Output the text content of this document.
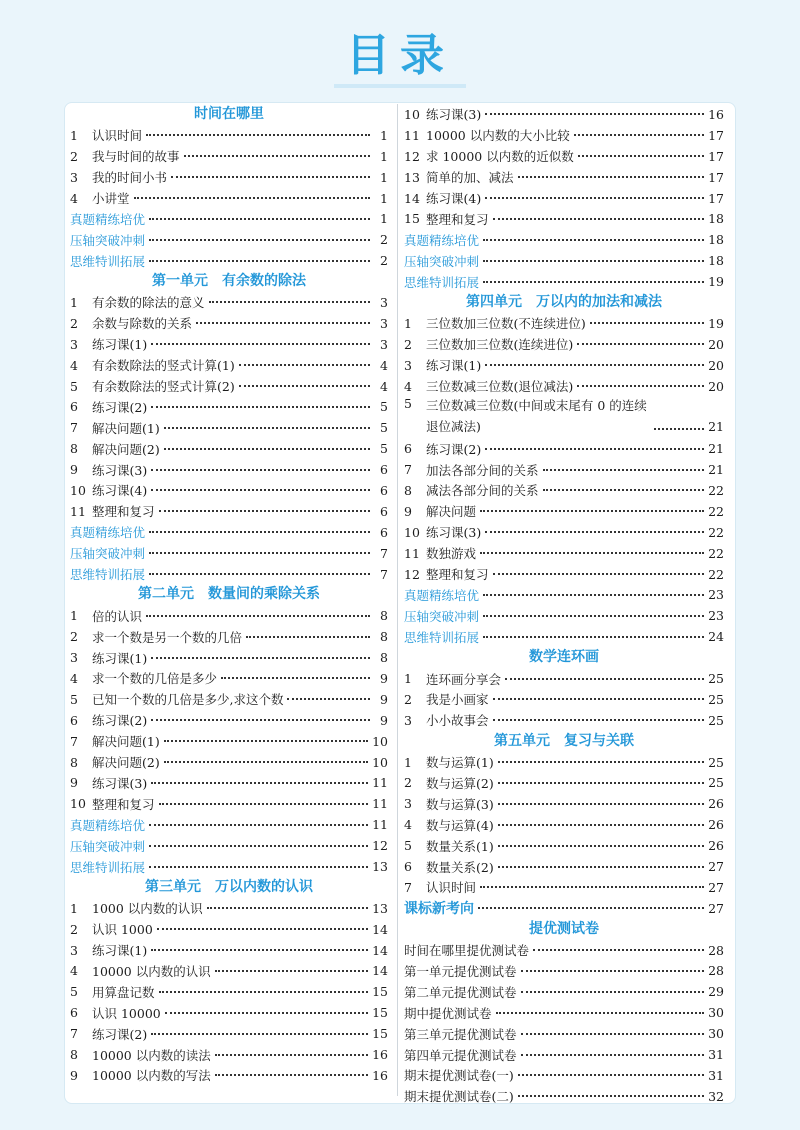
目录
时间在哪里
1	认识时间	1
2	我与时间的故事	1
3	我的时间小书	1
4	小讲堂	1
真题精练培优	1
压轴突破冲刺	2
思维特训拓展	2
第一单元　有余数的除法
1	有余数的除法的意义	3
2	余数与除数的关系	3
3	练习课(1)	3
4	有余数除法的竖式计算(1)	4
5	有余数除法的竖式计算(2)	4
6	练习课(2)	5
7	解决问题(1)	5
8	解决问题(2)	5
9	练习课(3)	6
10 练习课(4)	6
11 整理和复习	6
真题精练培优	6
压轴突破冲刺	7
思维特训拓展	7
第二单元　数量间的乘除关系
1	倍的认识	8
2	求一个数是另一个数的几倍	8
3	练习课(1)	8
4	求一个数的几倍是多少	9
5	已知一个数的几倍是多少,求这个数	9
6	练习课(2)	9
7	解决问题(1)	10
8	解决问题(2)	10
9	练习课(3)	11
10 整理和复习	11
真题精练培优	11
压轴突破冲刺	12
思维特训拓展	13
第三单元　万以内数的认识
1	1000 以内数的认识	13
2	认识 1000	14
3	练习课(1)	14
4	10000 以内数的认识	14
5	用算盘记数	15
6	认识 10000	15
7	练习课(2)	15
8	10000 以内数的读法	16
9	10000 以内数的写法	16
10 练习课(3)	16
11 10000 以内数的大小比较	17
12 求 10000 以内数的近似数	17
13 简单的加、减法	17
14 练习课(4)	17
15 整理和复习	18
真题精练培优	18
压轴突破冲刺	18
思维特训拓展	19
第四单元　万以内的加法和减法
1	三位数加三位数(不连续进位)	19
2	三位数加三位数(连续进位)	20
3	练习课(1)	20
4	三位数减三位数(退位减法)	20
5	三位数减三位数(中间或末尾有 0 的连续退位减法)	21
6	练习课(2)	21
7	加法各部分间的关系	21
8	减法各部分间的关系	22
9	解决问题	22
10 练习课(3)	22
11 数独游戏	22
12 整理和复习	22
真题精练培优	23
压轴突破冲刺	23
思维特训拓展	24
数学连环画
1	连环画分享会	25
2	我是小画家	25
3	小小故事会	25
第五单元　复习与关联
1	数与运算(1)	25
2	数与运算(2)	25
3	数与运算(3)	26
4	数与运算(4)	26
5	数量关系(1)	26
6	数量关系(2)	27
7	认识时间	27
课标新考向	27
提优测试卷
时间在哪里提优测试卷	28
第一单元提优测试卷	28
第二单元提优测试卷	29
期中提优测试卷	30
第三单元提优测试卷	30
第四单元提优测试卷	31
期末提优测试卷(一)	31
期末提优测试卷(二)	32
